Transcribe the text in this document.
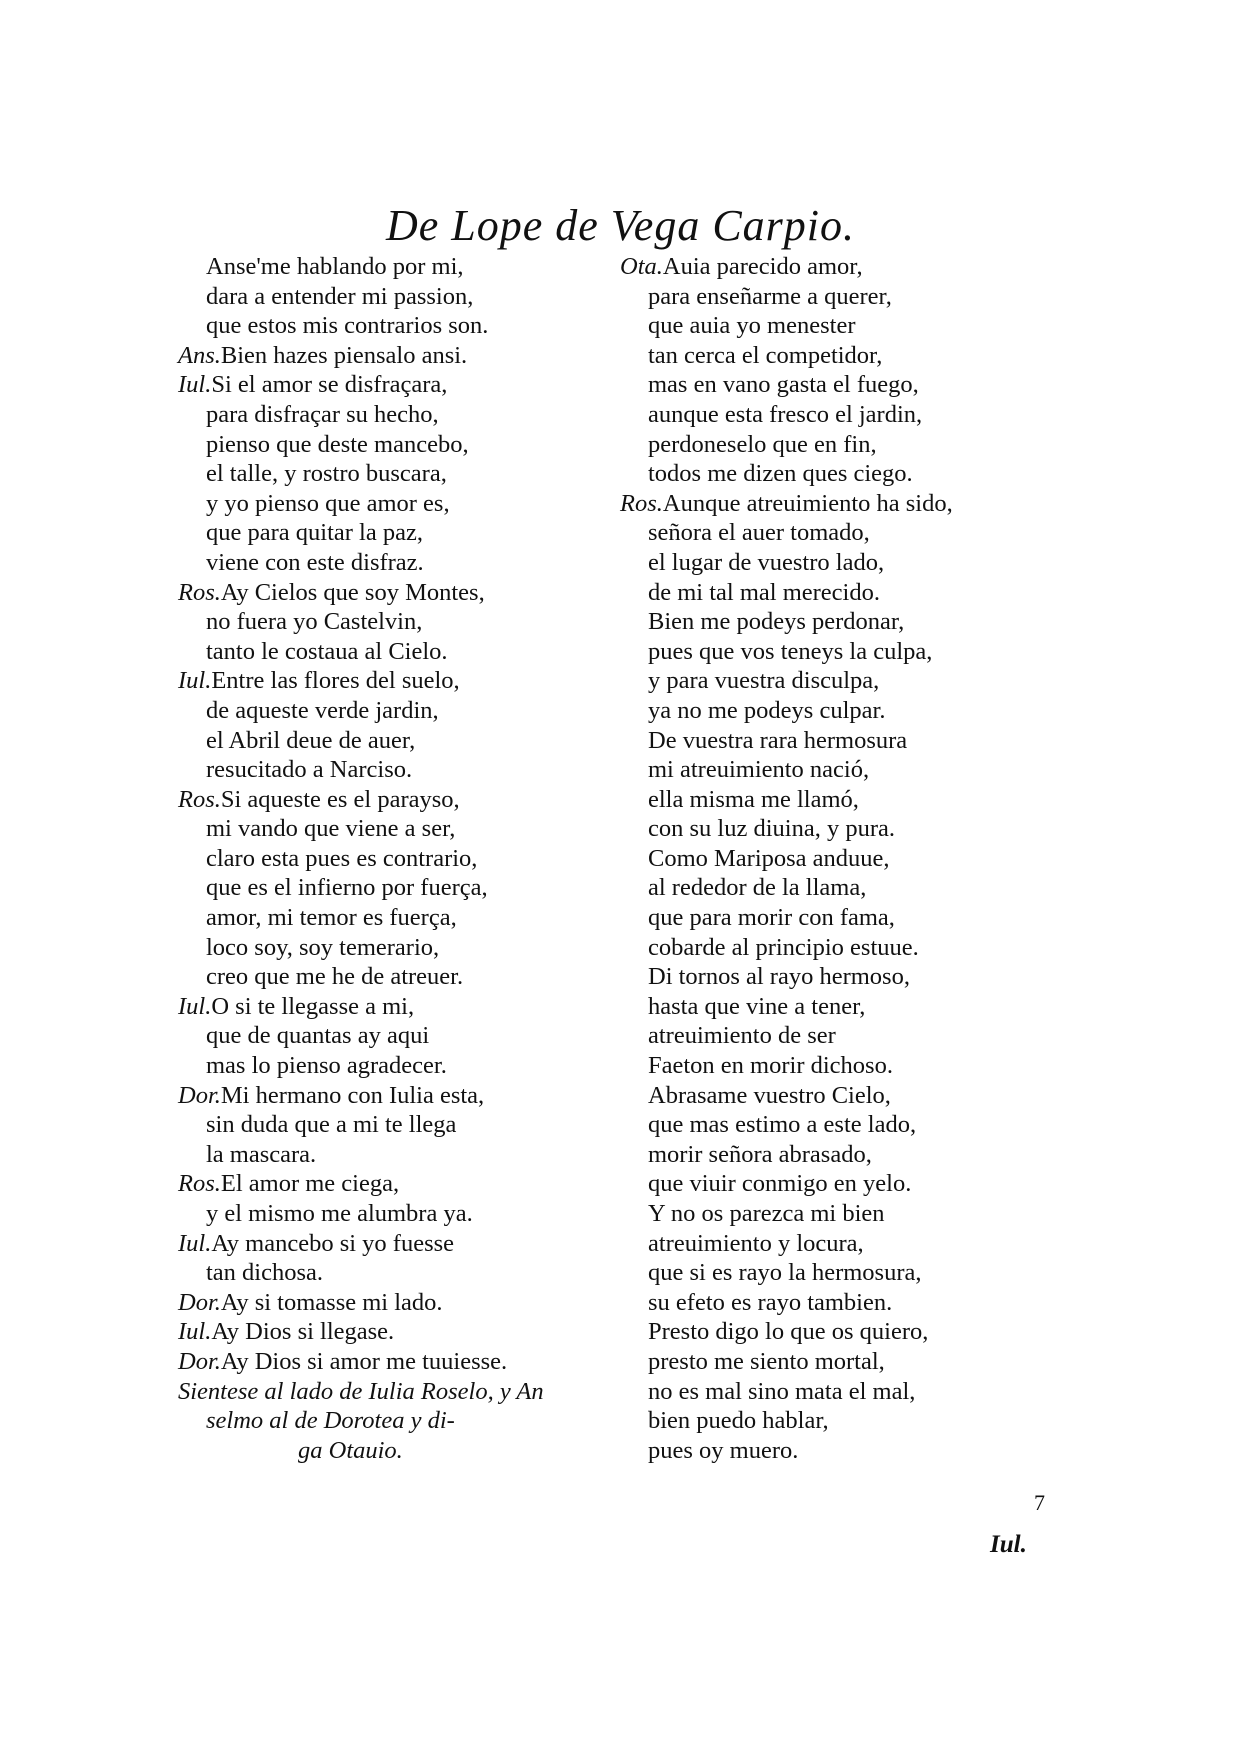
De Lope de Vega Carpio.
Anse'me hablando por mi,
dara a entender mi passion,
que estos mis contrarios son.
Ans.Bien hazes piensalo ansi.
Iul.Si el amor se disfraçara,
para disfraçar su hecho,
pienso que deste mancebo,
el talle, y rostro buscara,
y yo pienso que amor es,
que para quitar la paz,
viene con este disfraz.
Ros.Ay Cielos que soy Montes,
no fuera yo Castelvin,
tanto le costaua al Cielo.
Iul.Entre las flores del suelo,
de aqueste verde jardin,
el Abril deue de auer,
resucitado a Narciso.
Ros.Si aqueste es el parayso,
mi vando que viene a ser,
claro esta pues es contrario,
que es el infierno por fuerça,
amor, mi temor es fuerça,
loco soy, soy temerario,
creo que me he de atreuer.
Iul.O si te llegasse a mi,
que de quantas ay aqui
mas lo pienso agradecer.
Dor.Mi hermano con Iulia esta,
sin duda que a mi te llega
la mascara.
Ros.El amor me ciega,
y el mismo me alumbra ya.
Iul.Ay mancebo si yo fuesse
tan dichosa.
Dor.Ay si tomasse mi lado.
Iul.Ay Dios si llegase.
Dor.Ay Dios si amor me tuuiesse.
Sientese al lado de Iulia Roselo, y An
selmo al de Dorotea y di-
ga Otauio.
Ota.Auia parecido amor,
para enseñarme a querer,
que auia yo menester
tan cerca el competidor,
mas en vano gasta el fuego,
aunque esta fresco el jardin,
perdoneselo que en fin,
todos me dizen ques ciego.
Ros.Aunque atreuimiento ha sido,
señora el auer tomado,
el lugar de vuestro lado,
de mi tal mal merecido.
Bien me podeys perdonar,
pues que vos teneys la culpa,
y para vuestra disculpa,
ya no me podeys culpar.
De vuestra rara hermosura
mi atreuimiento nació,
ella misma me llamó,
con su luz diuina, y pura.
Como Mariposa anduue,
al rededor de la llama,
que para morir con fama,
cobarde al principio estuue.
Di tornos al rayo hermoso,
hasta que vine a tener,
atreuimiento de ser
Faeton en morir dichoso.
Abrasame vuestro Cielo,
que mas estimo a este lado,
morir señora abrasado,
que viuir conmigo en yelo.
Y no os parezca mi bien
atreuimiento y locura,
que si es rayo la hermosura,
su efeto es rayo tambien.
Presto digo lo que os quiero,
presto me siento mortal,
no es mal sino mata el mal,
bien puedo hablar,
pues oy muero.
7
Iul.
